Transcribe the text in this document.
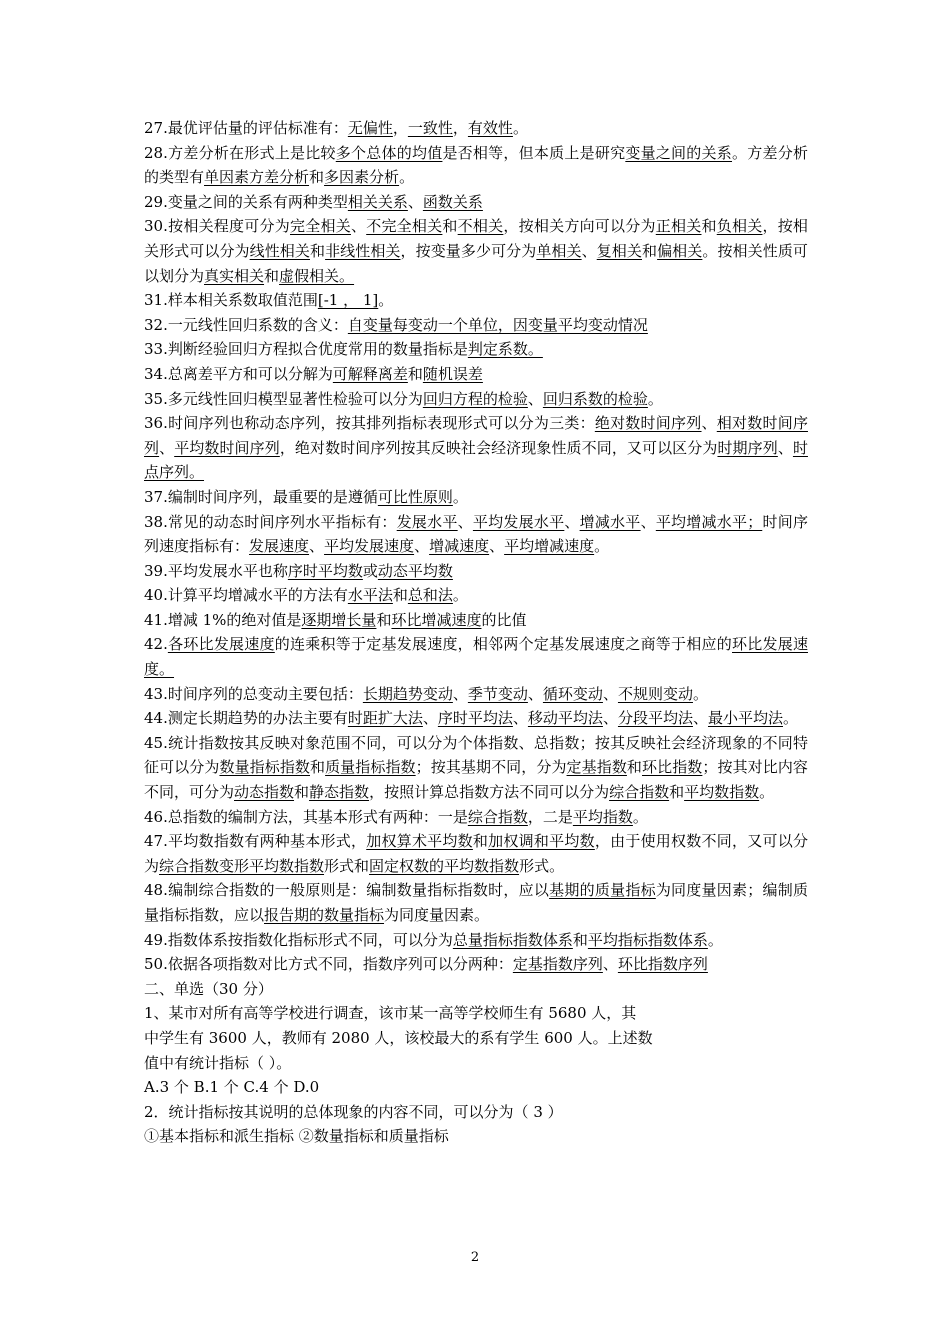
27.最优评估量的评估标准有：无偏性，一致性，有效性。

28.方差分析在形式上是比较多个总体的均值是否相等，但本质上是研究变量之间的关系。方差分析的类型有单因素方差分析和多因素分析。

29.变量之间的关系有两种类型相关关系、函数关系

30.按相关程度可分为完全相关、不完全相关和不相关，按相关方向可以分为正相关和负相关，按相关形式可以分为线性相关和非线性相关，按变量多少可分为单相关、复相关和偏相关。按相关性质可以划分为真实相关和虚假相关。

31.样本相关系数取值范围[-1 ， 1]。

32.一元线性回归系数的含义：自变量每变动一个单位，因变量平均变动情况

33.判断经验回归方程拟合优度常用的数量指标是判定系数。

34.总离差平方和可以分解为可解释离差和随机误差

35.多元线性回归模型显著性检验可以分为回归方程的检验、回归系数的检验。

36.时间序列也称动态序列，按其排列指标表现形式可以分为三类：绝对数时间序列、相对数时间序列、平均数时间序列，绝对数时间序列按其反映社会经济现象性质不同，又可以区分为时期序列、时点序列。

37.编制时间序列，最重要的是遵循可比性原则。

38.常见的动态时间序列水平指标有：发展水平、平均发展水平、增减水平、平均增减水平；时间序列速度指标有：发展速度、平均发展速度、增减速度、平均增减速度。

39.平均发展水平也称序时平均数或动态平均数

40.计算平均增减水平的方法有水平法和总和法。

41.增减 1%的绝对值是逐期增长量和环比增减速度的比值

42.各环比发展速度的连乘积等于定基发展速度，相邻两个定基发展速度之商等于相应的环比发展速度。

43.时间序列的总变动主要包括：长期趋势变动、季节变动、循环变动、不规则变动。

44.测定长期趋势的办法主要有时距扩大法、序时平均法、移动平均法、分段平均法、最小平均法。

45.统计指数按其反映对象范围不同，可以分为个体指数、总指数；按其反映社会经济现象的不同特征可以分为数量指标指数和质量指标指数；按其基期不同，分为定基指数和环比指数；按其对比内容不同，可分为动态指数和静态指数，按照计算总指数方法不同可以分为综合指数和平均数指数。

46.总指数的编制方法，其基本形式有两种：一是综合指数，二是平均指数。

47.平均数指数有两种基本形式，加权算术平均数和加权调和平均数，由于使用权数不同，又可以分为综合指数变形平均数指数形式和固定权数的平均数指数形式。

48.编制综合指数的一般原则是：编制数量指标指数时，应以基期的质量指标为同度量因素；编制质量指标指数，应以报告期的数量指标为同度量因素。

49.指数体系按指数化指标形式不同，可以分为总量指标指数体系和平均指标指数体系。

50.依据各项指数对比方式不同，指数序列可以分两种：定基指数序列、环比指数序列

二、单选（30 分）

1、某市对所有高等学校进行调查，该市某一高等学校师生有 5680 人，其

中学生有 3600 人，教师有 2080 人，该校最大的系有学生 600 人。上述数

值中有统计指标（ ）。

A.3 个 B.1 个 C.4 个 D.0

2．统计指标按其说明的总体现象的内容不同，可以分为（ 3 ）

①基本指标和派生指标 ②数量指标和质量指标

2
